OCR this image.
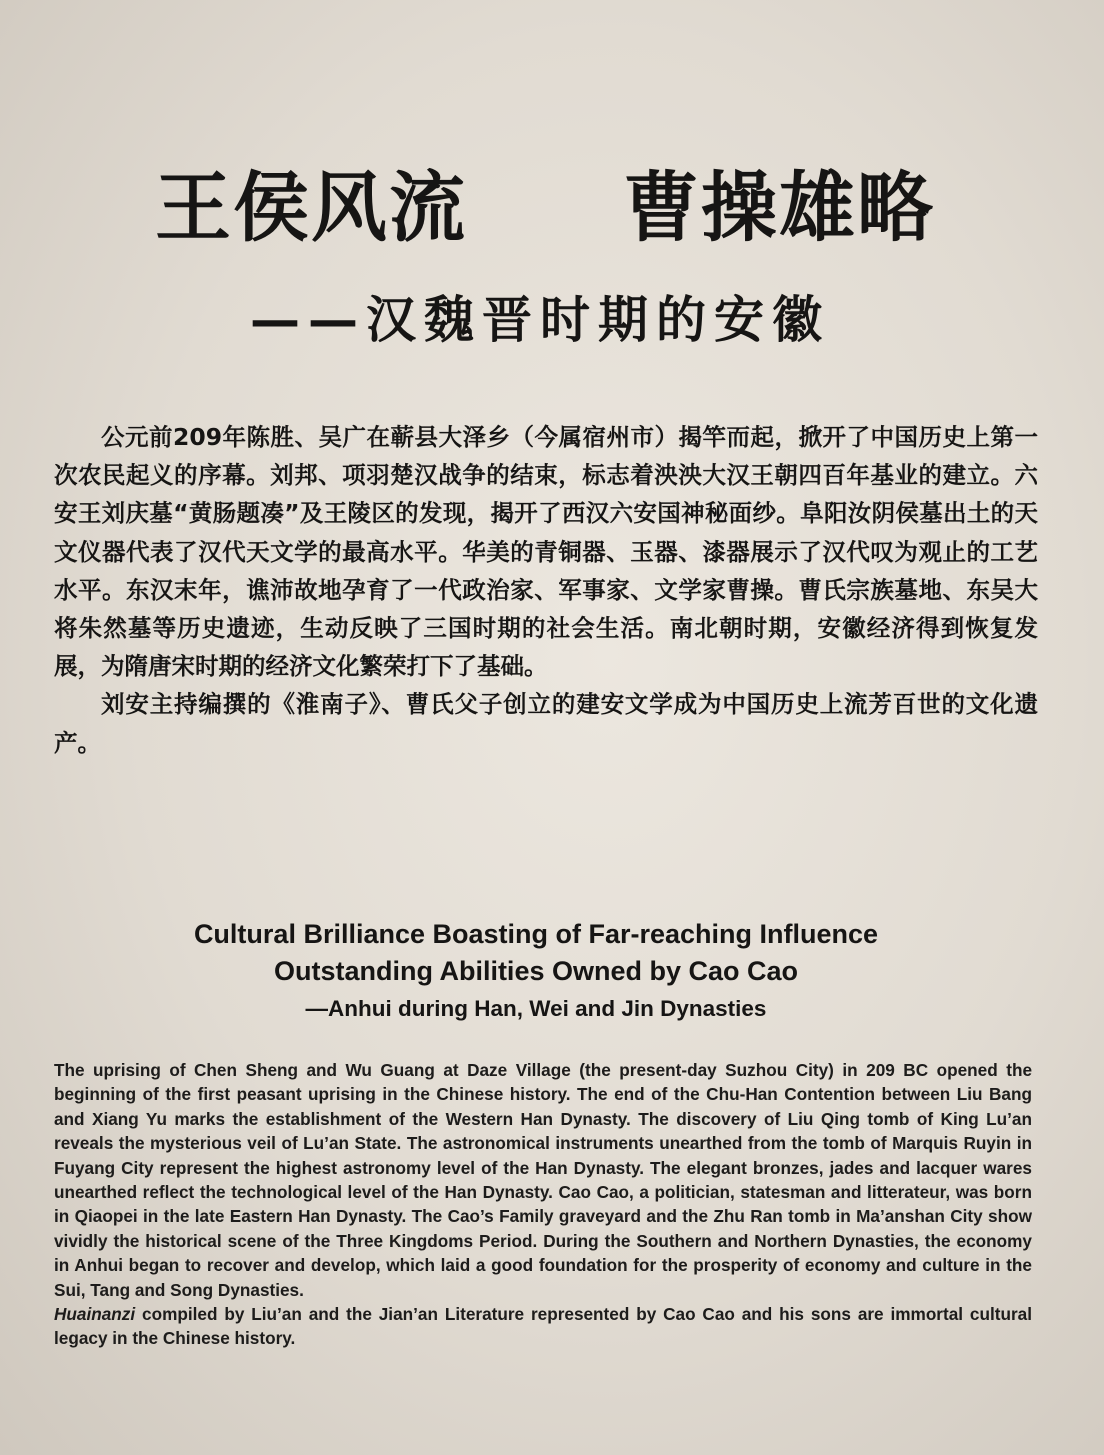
王侯风流　　曹操雄略
——汉魏晋时期的安徽

公元前209年陈胜、吴广在蕲县大泽乡（今属宿州市）揭竿而起，掀开了中国历史上第一次农民起义的序幕。刘邦、项羽楚汉战争的结束，标志着泱泱大汉王朝四百年基业的建立。六安王刘庆墓“黄肠题凑”及王陵区的发现，揭开了西汉六安国神秘面纱。阜阳汝阴侯墓出土的天文仪器代表了汉代天文学的最高水平。华美的青铜器、玉器、漆器展示了汉代叹为观止的工艺水平。东汉末年，谯沛故地孕育了一代政治家、军事家、文学家曹操。曹氏宗族墓地、东吴大将朱然墓等历史遗迹，生动反映了三国时期的社会生活。南北朝时期，安徽经济得到恢复发展，为隋唐宋时期的经济文化繁荣打下了基础。

刘安主持编撰的《淮南子》、曹氏父子创立的建安文学成为中国历史上流芳百世的文化遗产。

Cultural Brilliance Boasting of Far-reaching Influence
Outstanding Abilities Owned by Cao Cao
—Anhui during Han, Wei and Jin Dynasties

The uprising of Chen Sheng and Wu Guang at Daze Village (the present-day Suzhou City) in 209 BC opened the beginning of the first peasant uprising in the Chinese history. The end of the Chu-Han Contention between Liu Bang and Xiang Yu marks the establishment of the Western Han Dynasty. The discovery of Liu Qing tomb of King Lu’an reveals the mysterious veil of Lu’an State. The astronomical instruments unearthed from the tomb of Marquis Ruyin in Fuyang City represent the highest astronomy level of the Han Dynasty. The elegant bronzes, jades and lacquer wares unearthed reflect the technological level of the Han Dynasty. Cao Cao, a politician, statesman and litterateur, was born in Qiaopei in the late Eastern Han Dynasty. The Cao’s Family graveyard and the Zhu Ran tomb in Ma’anshan City show vividly the historical scene of the Three Kingdoms Period. During the Southern and Northern Dynasties, the economy in Anhui began to recover and develop, which laid a good foundation for the prosperity of economy and culture in the Sui, Tang and Song Dynasties.

Huainanzi compiled by Liu’an and the Jian’an Literature represented by Cao Cao and his sons are immortal cultural legacy in the Chinese history.
